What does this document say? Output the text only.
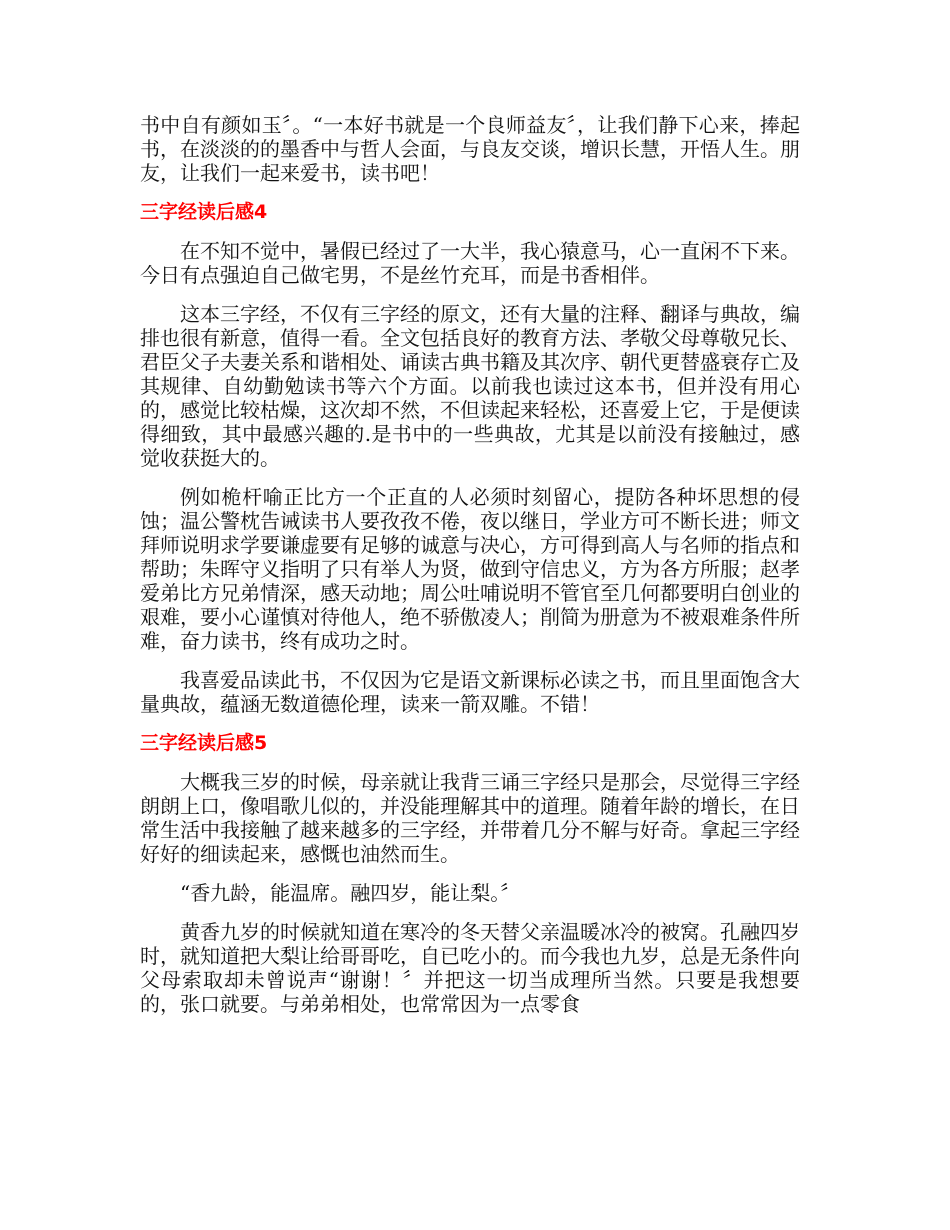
书中自有颜如玉〞。“一本好书就是一个良师益友〞，让我们静下心来，捧起书，在淡淡的的墨香中与哲人会面，与良友交谈，增识长慧，开悟人生。朋友，让我们一起来爱书，读书吧！

三字经读后感4

在不知不觉中，暑假已经过了一大半，我心猿意马，心一直闲不下来。今日有点强迫自己做宅男，不是丝竹充耳，而是书香相伴。

这本三字经，不仅有三字经的原文，还有大量的注释、翻译与典故，编排也很有新意，值得一看。全文包括良好的教育方法、孝敬父母尊敬兄长、君臣父子夫妻关系和谐相处、诵读古典书籍及其次序、朝代更替盛衰存亡及其规律、自幼勤勉读书等六个方面。以前我也读过这本书，但并没有用心的，感觉比较枯燥，这次却不然，不但读起来轻松，还喜爱上它，于是便读得细致，其中最感兴趣的.是书中的一些典故，尤其是以前没有接触过，感觉收获挺大的。

例如桅杆喻正比方一个正直的人必须时刻留心，提防各种坏思想的侵蚀；温公警枕告诫读书人要孜孜不倦，夜以继日，学业方可不断长进；师文拜师说明求学要谦虚要有足够的诚意与决心，方可得到高人与名师的指点和帮助；朱晖守义指明了只有举人为贤，做到守信忠义，方为各方所服；赵孝爱弟比方兄弟情深，感天动地；周公吐哺说明不管官至几何都要明白创业的艰难，要小心谨慎对待他人，绝不骄傲凌人；削简为册意为不被艰难条件所难，奋力读书，终有成功之时。

我喜爱品读此书，不仅因为它是语文新课标必读之书，而且里面饱含大量典故，蕴涵无数道德伦理，读来一箭双雕。不错！

三字经读后感5

大概我三岁的时候，母亲就让我背三诵三字经只是那会，尽觉得三字经朗朗上口，像唱歌儿似的，并没能理解其中的道理。随着年龄的增长，在日常生活中我接触了越来越多的三字经，并带着几分不解与好奇。拿起三字经好好的细读起来，感慨也油然而生。

“香九龄，能温席。融四岁，能让梨。〞

黄香九岁的时候就知道在寒冷的冬天替父亲温暖冰冷的被窝。孔融四岁时，就知道把大梨让给哥哥吃，自已吃小的。而今我也九岁，总是无条件向父母索取却未曾说声“谢谢！〞并把这一切当成理所当然。只要是我想要的，张口就要。与弟弟相处，也常常因为一点零食
